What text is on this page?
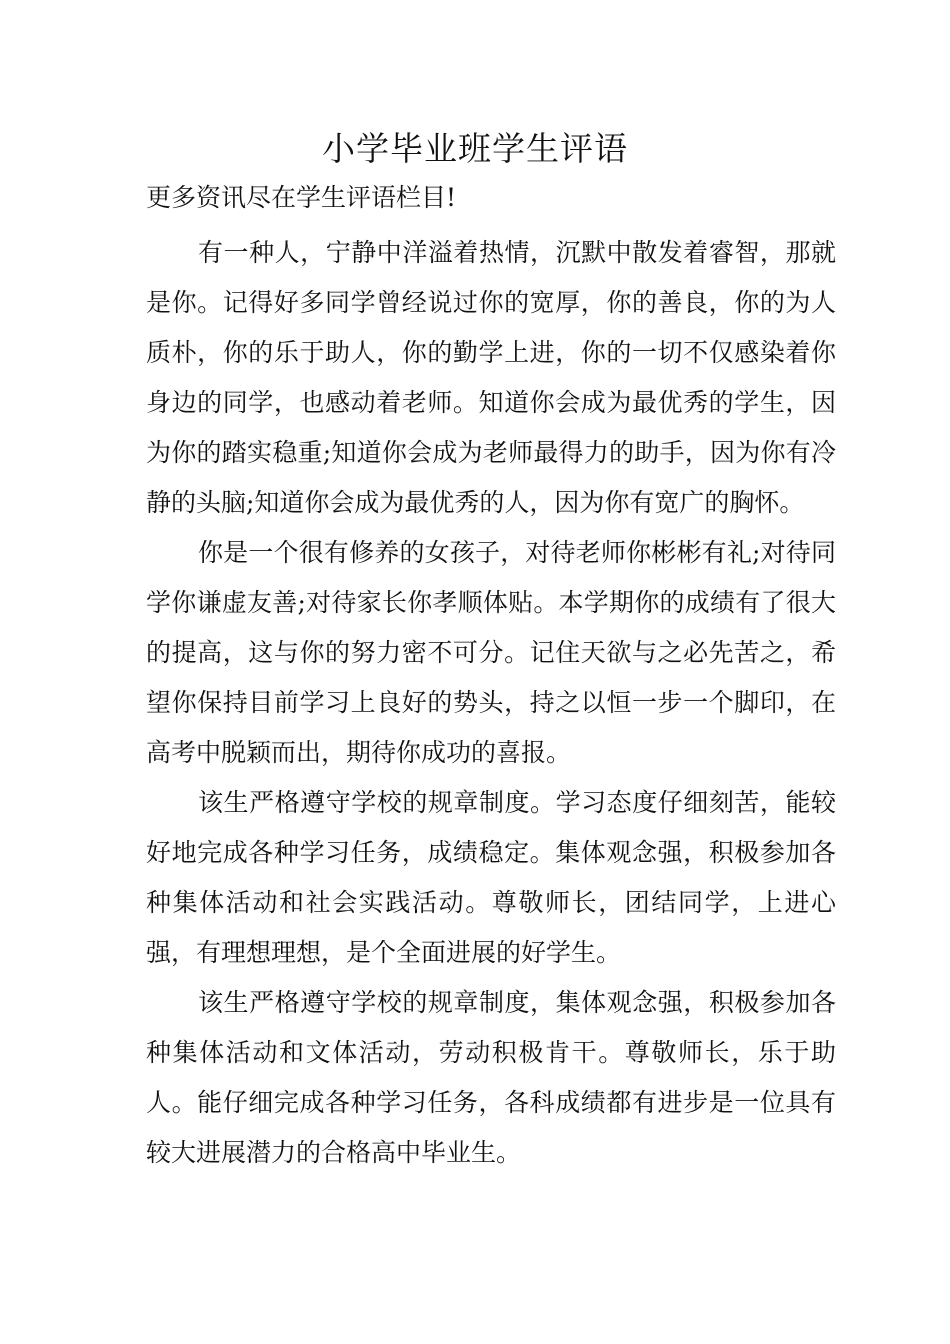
小学毕业班学生评语

更多资讯尽在学生评语栏目!

有一种人，宁静中洋溢着热情，沉默中散发着睿智，那就是你。记得好多同学曾经说过你的宽厚，你的善良，你的为人质朴，你的乐于助人，你的勤学上进，你的一切不仅感染着你身边的同学，也感动着老师。知道你会成为最优秀的学生，因为你的踏实稳重;知道你会成为老师最得力的助手，因为你有冷静的头脑;知道你会成为最优秀的人，因为你有宽广的胸怀。

你是一个很有修养的女孩子，对待老师你彬彬有礼;对待同学你谦虚友善;对待家长你孝顺体贴。本学期你的成绩有了很大的提高，这与你的努力密不可分。记住天欲与之必先苦之，希望你保持目前学习上良好的势头，持之以恒一步一个脚印，在高考中脱颖而出，期待你成功的喜报。

该生严格遵守学校的规章制度。学习态度仔细刻苦，能较好地完成各种学习任务，成绩稳定。集体观念强，积极参加各种集体活动和社会实践活动。尊敬师长，团结同学，上进心强，有理想理想，是个全面进展的好学生。

该生严格遵守学校的规章制度，集体观念强，积极参加各种集体活动和文体活动，劳动积极肯干。尊敬师长，乐于助人。能仔细完成各种学习任务，各科成绩都有进步是一位具有较大进展潜力的合格高中毕业生。
